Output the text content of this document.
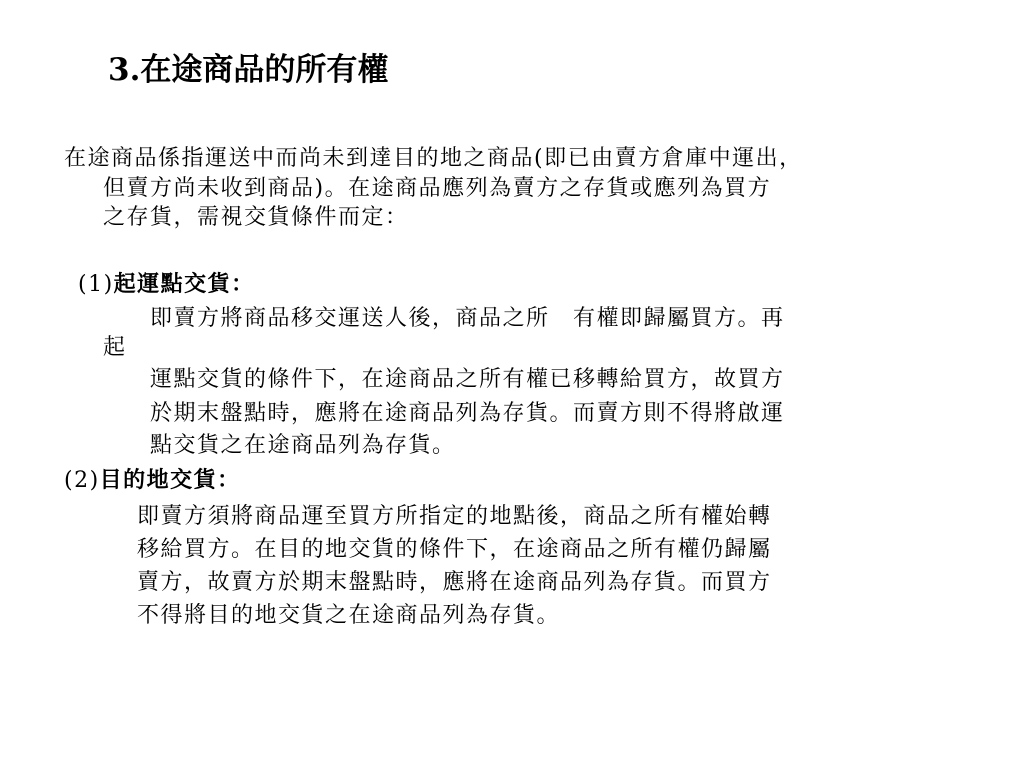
3.在途商品的所有權

在途商品係指運送中而尚未到達目的地之商品(即已由賣方倉庫中運出，

但賣方尚未收到商品)。在途商品應列為賣方之存貨或應列為買方

之存貨，需視交貨條件而定：

(1)起運點交貨：

即賣方將商品移交運送人後，商品之所　有權即歸屬買方。再

起

運點交貨的條件下，在途商品之所有權已移轉給買方，故買方

於期末盤點時，應將在途商品列為存貨。而賣方則不得將啟運

點交貨之在途商品列為存貨。

(2)目的地交貨：

即賣方須將商品運至買方所指定的地點後，商品之所有權始轉

移給買方。在目的地交貨的條件下，在途商品之所有權仍歸屬

賣方，故賣方於期末盤點時，應將在途商品列為存貨。而買方

不得將目的地交貨之在途商品列為存貨。
